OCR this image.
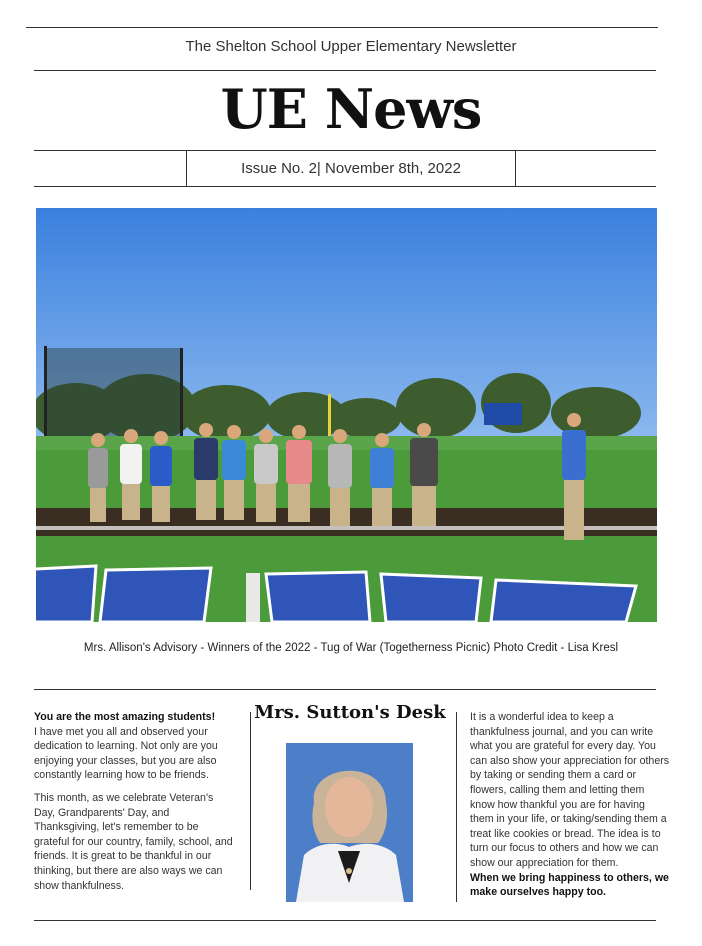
The Shelton School Upper Elementary Newsletter
UE News
Issue No. 2| November 8th, 2022
Mrs. Allison's Advisory - Winners of the 2022 - Tug of War (Togetherness Picnic) Photo Credit - Lisa Kresl

You are the most amazing students!
I have met you all and observed your dedication to learning. Not only are you enjoying your classes, but you are also constantly learning how to be friends.

This month, as we celebrate Veteran's Day, Grandparents' Day, and Thanksgiving, let's remember to be grateful for our country, family, school, and friends. It is great to be thankful in our thinking, but there are also ways we can show thankfulness.

Mrs. Sutton's Desk	It is a wonderful idea to keep a thankfulness journal, and you can write what you are grateful for every day. You can also show your appreciation for others by taking or sending them a card or flowers, calling them and letting them know how thankful you are for having them in your life, or taking/sending them a treat like cookies or bread. The idea is to turn our focus to others and how we can show our appreciation for them.
When we bring happiness to others, we make ourselves happy too.
